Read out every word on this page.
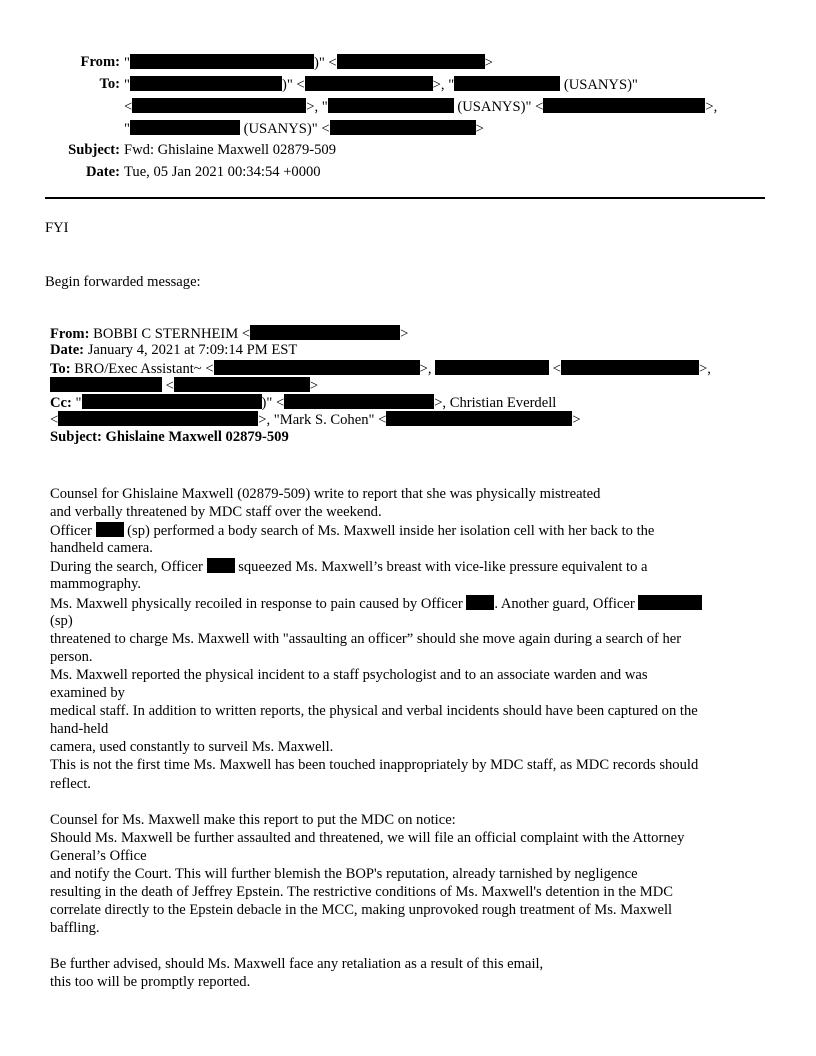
From: "	)" <	>
To: "	)" <	>, "	(USANYS)"
<	>, "	(USANYS)" <	>,
"	(USANYS)" <	>
Subject: Fwd: Ghislaine Maxwell 02879-509
Date: Tue, 05 Jan 2021 00:34:54 +0000
FYI
Begin forwarded message:
From: BOBBI C STERNHEIM <	>
Date: January 4, 2021 at 7:09:14 PM EST
To: BRO/Exec Assistant~ <	>,	<	>,
<	>
Cc: "	)" <	>, Christian Everdell
<	>, "Mark S. Cohen" <	>
Subject: Ghislaine Maxwell 02879-509
Counsel for Ghislaine Maxwell (02879-509) write to report that she was physically mistreated
and verbally threatened by MDC staff over the weekend.
Officer  (sp) performed a body search of Ms. Maxwell inside her isolation cell with her back to the
handheld camera.
During the search, Officer  squeezed Ms. Maxwell’s breast with vice-like pressure equivalent to a
mammography.
Ms. Maxwell physically recoiled in response to pain caused by Officer . Another guard, Officer
(sp)
threatened to charge Ms. Maxwell with "assaulting an officer” should she move again during a search of her
person.
Ms. Maxwell reported the physical incident to a staff psychologist and to an associate warden and was
examined by
medical staff. In addition to written reports, the physical and verbal incidents should have been captured on the
hand-held
camera, used constantly to surveil Ms. Maxwell.
This is not the first time Ms. Maxwell has been touched inappropriately by MDC staff, as MDC records should
reflect.
Counsel for Ms. Maxwell make this report to put the MDC on notice:
Should Ms. Maxwell be further assaulted and threatened, we will file an official complaint with the Attorney
General’s Office
and notify the Court. This will further blemish the BOP's reputation, already tarnished by negligence
resulting in the death of Jeffrey Epstein. The restrictive conditions of Ms. Maxwell's detention in the MDC
correlate directly to the Epstein debacle in the MCC, making unprovoked rough treatment of Ms. Maxwell
baffling.
Be further advised, should Ms. Maxwell face any retaliation as a result of this email,
this too will be promptly reported.
